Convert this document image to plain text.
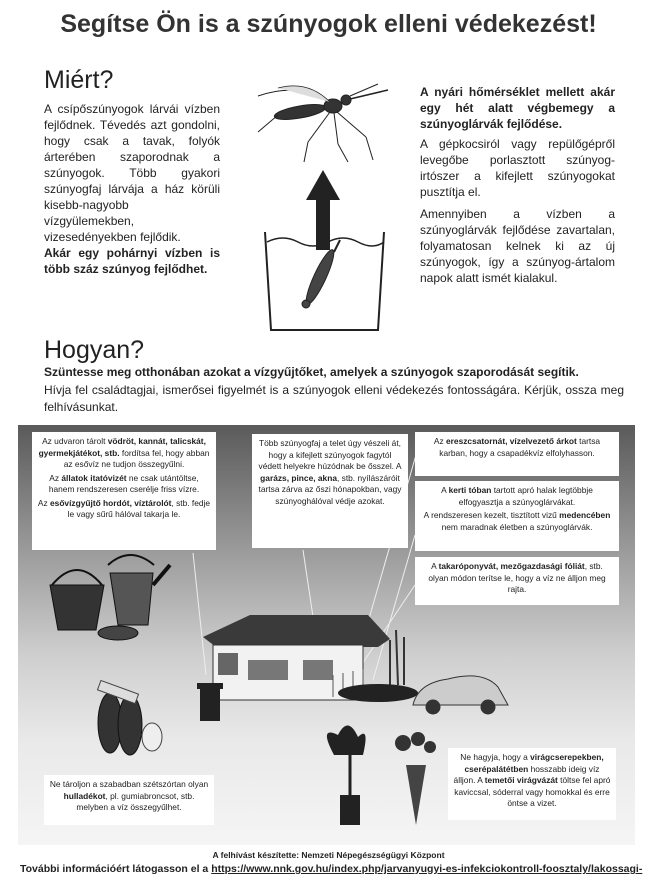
Segítse Ön is a szúnyogok elleni védekezést!
Miért?

A csípőszúnyogok lárvái vízben fejlődnek. Tévedés azt gondolni, hogy csak a tavak, folyók árterében szaporodnak a szúnyogok. Több gyakori szúnyogfaj lárvája a ház körüli kisebb-nagyobb vízgyülemekben, vizesedényekben fejlődik.

Akár egy pohárnyi vízben is több száz szúnyog fejlődhet.

A nyári hőmérséklet mellett akár egy hét alatt végbemegy a szúnyoglárvák fejlődése.

A gépkocsiról vagy repülőgépről levegőbe porlasztott szúnyog-irtószer a kifejlett szúnyogokat pusztítja el.

Amennyiben a vízben a szúnyoglárvák fejlődése zavartalan, folyamatosan kelnek ki az új szúnyogok, így a szúnyog-ártalom napok alatt ismét kialakul.

Hogyan?
Szüntesse meg otthonában azokat a vízgyűjtőket, amelyek a szúnyogok szaporodását segítik.
Hívja fel családtagjai, ismerősei figyelmét is a szúnyogok elleni védekezés fontosságára. Kérjük, ossza meg felhívásunkat.

Az udvaron tárolt vödröt, kannát, talicskát, gyermekjátékot, stb. fordítsa fel, hogy abban az esővíz ne tudjon összegyűlni.

Az állatok itatóvizét ne csak utántöltse, hanem rendszeresen cserélje friss vízre.

Az esővízgyűjtő hordót, víztárolót, stb. fedje le vagy sűrű hálóval takarja le.

Több szúnyogfaj a telet úgy vészeli át, hogy a kifejlett szúnyogok fagytól védett helyekre húzódnak be ősszel. A garázs, pince, akna, stb. nyílászáróit tartsa zárva az őszi hónapokban, vagy szúnyoghálóval védje azokat.

Az ereszcsatornát, vízelvezető árkot tartsa karban, hogy a csapadékvíz elfolyhasson.

A kerti tóban tartott apró halak legtöbbje elfogyasztja a szúnyoglárvákat.

A rendszeresen kezelt, tisztított vizű medencében nem maradnak életben a szúnyoglárvák.

A takaróponyvát, mezőgazdasági fóliát, stb. olyan módon terítse le, hogy a víz ne álljon meg rajta.

Ne tároljon a szabadban szétszórtan olyan hulladékot, pl. gumiabroncsot, stb. melyben a víz összegyűlhet.

Ne hagyja, hogy a virágcserepekben, cserépalátétben hosszabb ideig víz álljon. A temetői virágvázát töltse fel apró kaviccsal, sóderral vagy homokkal és erre öntse a vizet.

A felhívást készítette: Nemzeti Népegészségügyi Központ
További információért látogasson el a https://www.nnk.gov.hu/index.php/jarvanyugyi-es-infekciokontroll-foosztaly/lakossagi-
